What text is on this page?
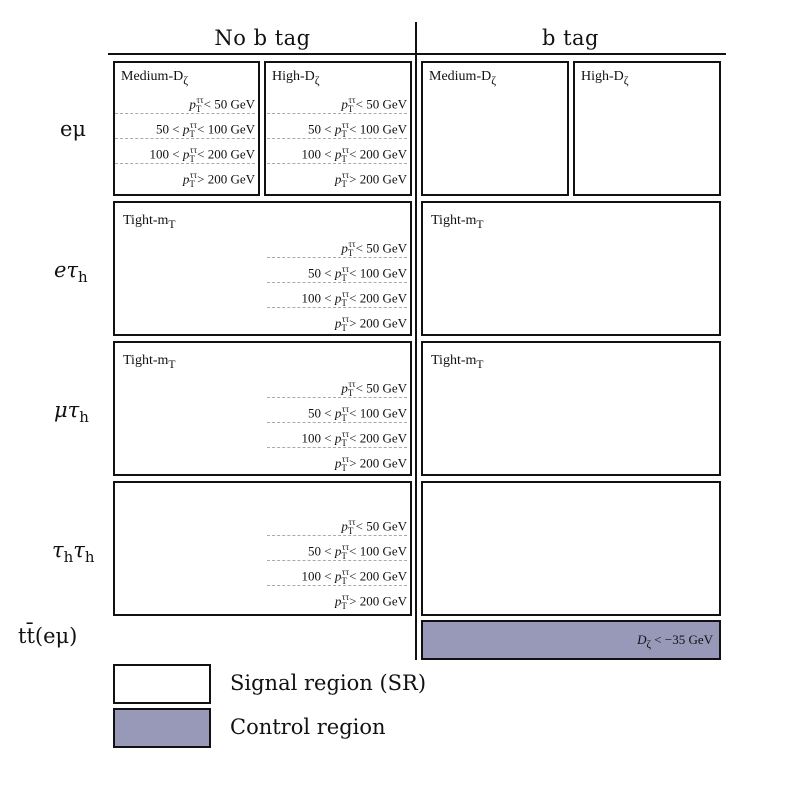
No b tag	b tag
eμ
$e\tau_h$
$\mu\tau_h$
$\tau_h\tau_h$
tt̄(eμ)
Medium-$D_\zeta$
$p_T^{\tau\tau}< 50$ GeV
$50 < p_T^{\tau\tau}< 100$ GeV
$100 < p_T^{\tau\tau}< 200$ GeV
$p_T^{\tau\tau}> 200$ GeV
High-$D_\zeta$
$p_T^{\tau\tau}< 50$ GeV
$50 < p_T^{\tau\tau}< 100$ GeV
$100 < p_T^{\tau\tau}< 200$ GeV
$p_T^{\tau\tau}> 200$ GeV
Medium-$D_\zeta$	High-$D_\zeta$
Tight-$m_T$
$p_T^{\tau\tau}< 50$ GeV
$50 < p_T^{\tau\tau}< 100$ GeV
$100 < p_T^{\tau\tau}< 200$ GeV
$p_T^{\tau\tau}> 200$ GeV
Tight-$m_T$
Tight-$m_T$
$p_T^{\tau\tau}< 50$ GeV
$50 < p_T^{\tau\tau}< 100$ GeV
$100 < p_T^{\tau\tau}< 200$ GeV
$p_T^{\tau\tau}> 200$ GeV
Tight-$m_T$
$p_T^{\tau\tau}< 50$ GeV
$50 < p_T^{\tau\tau}< 100$ GeV
$100 < p_T^{\tau\tau}< 200$ GeV
$p_T^{\tau\tau}> 200$ GeV
$D_\zeta < -35$ GeV
Signal region (SR)
Control region
